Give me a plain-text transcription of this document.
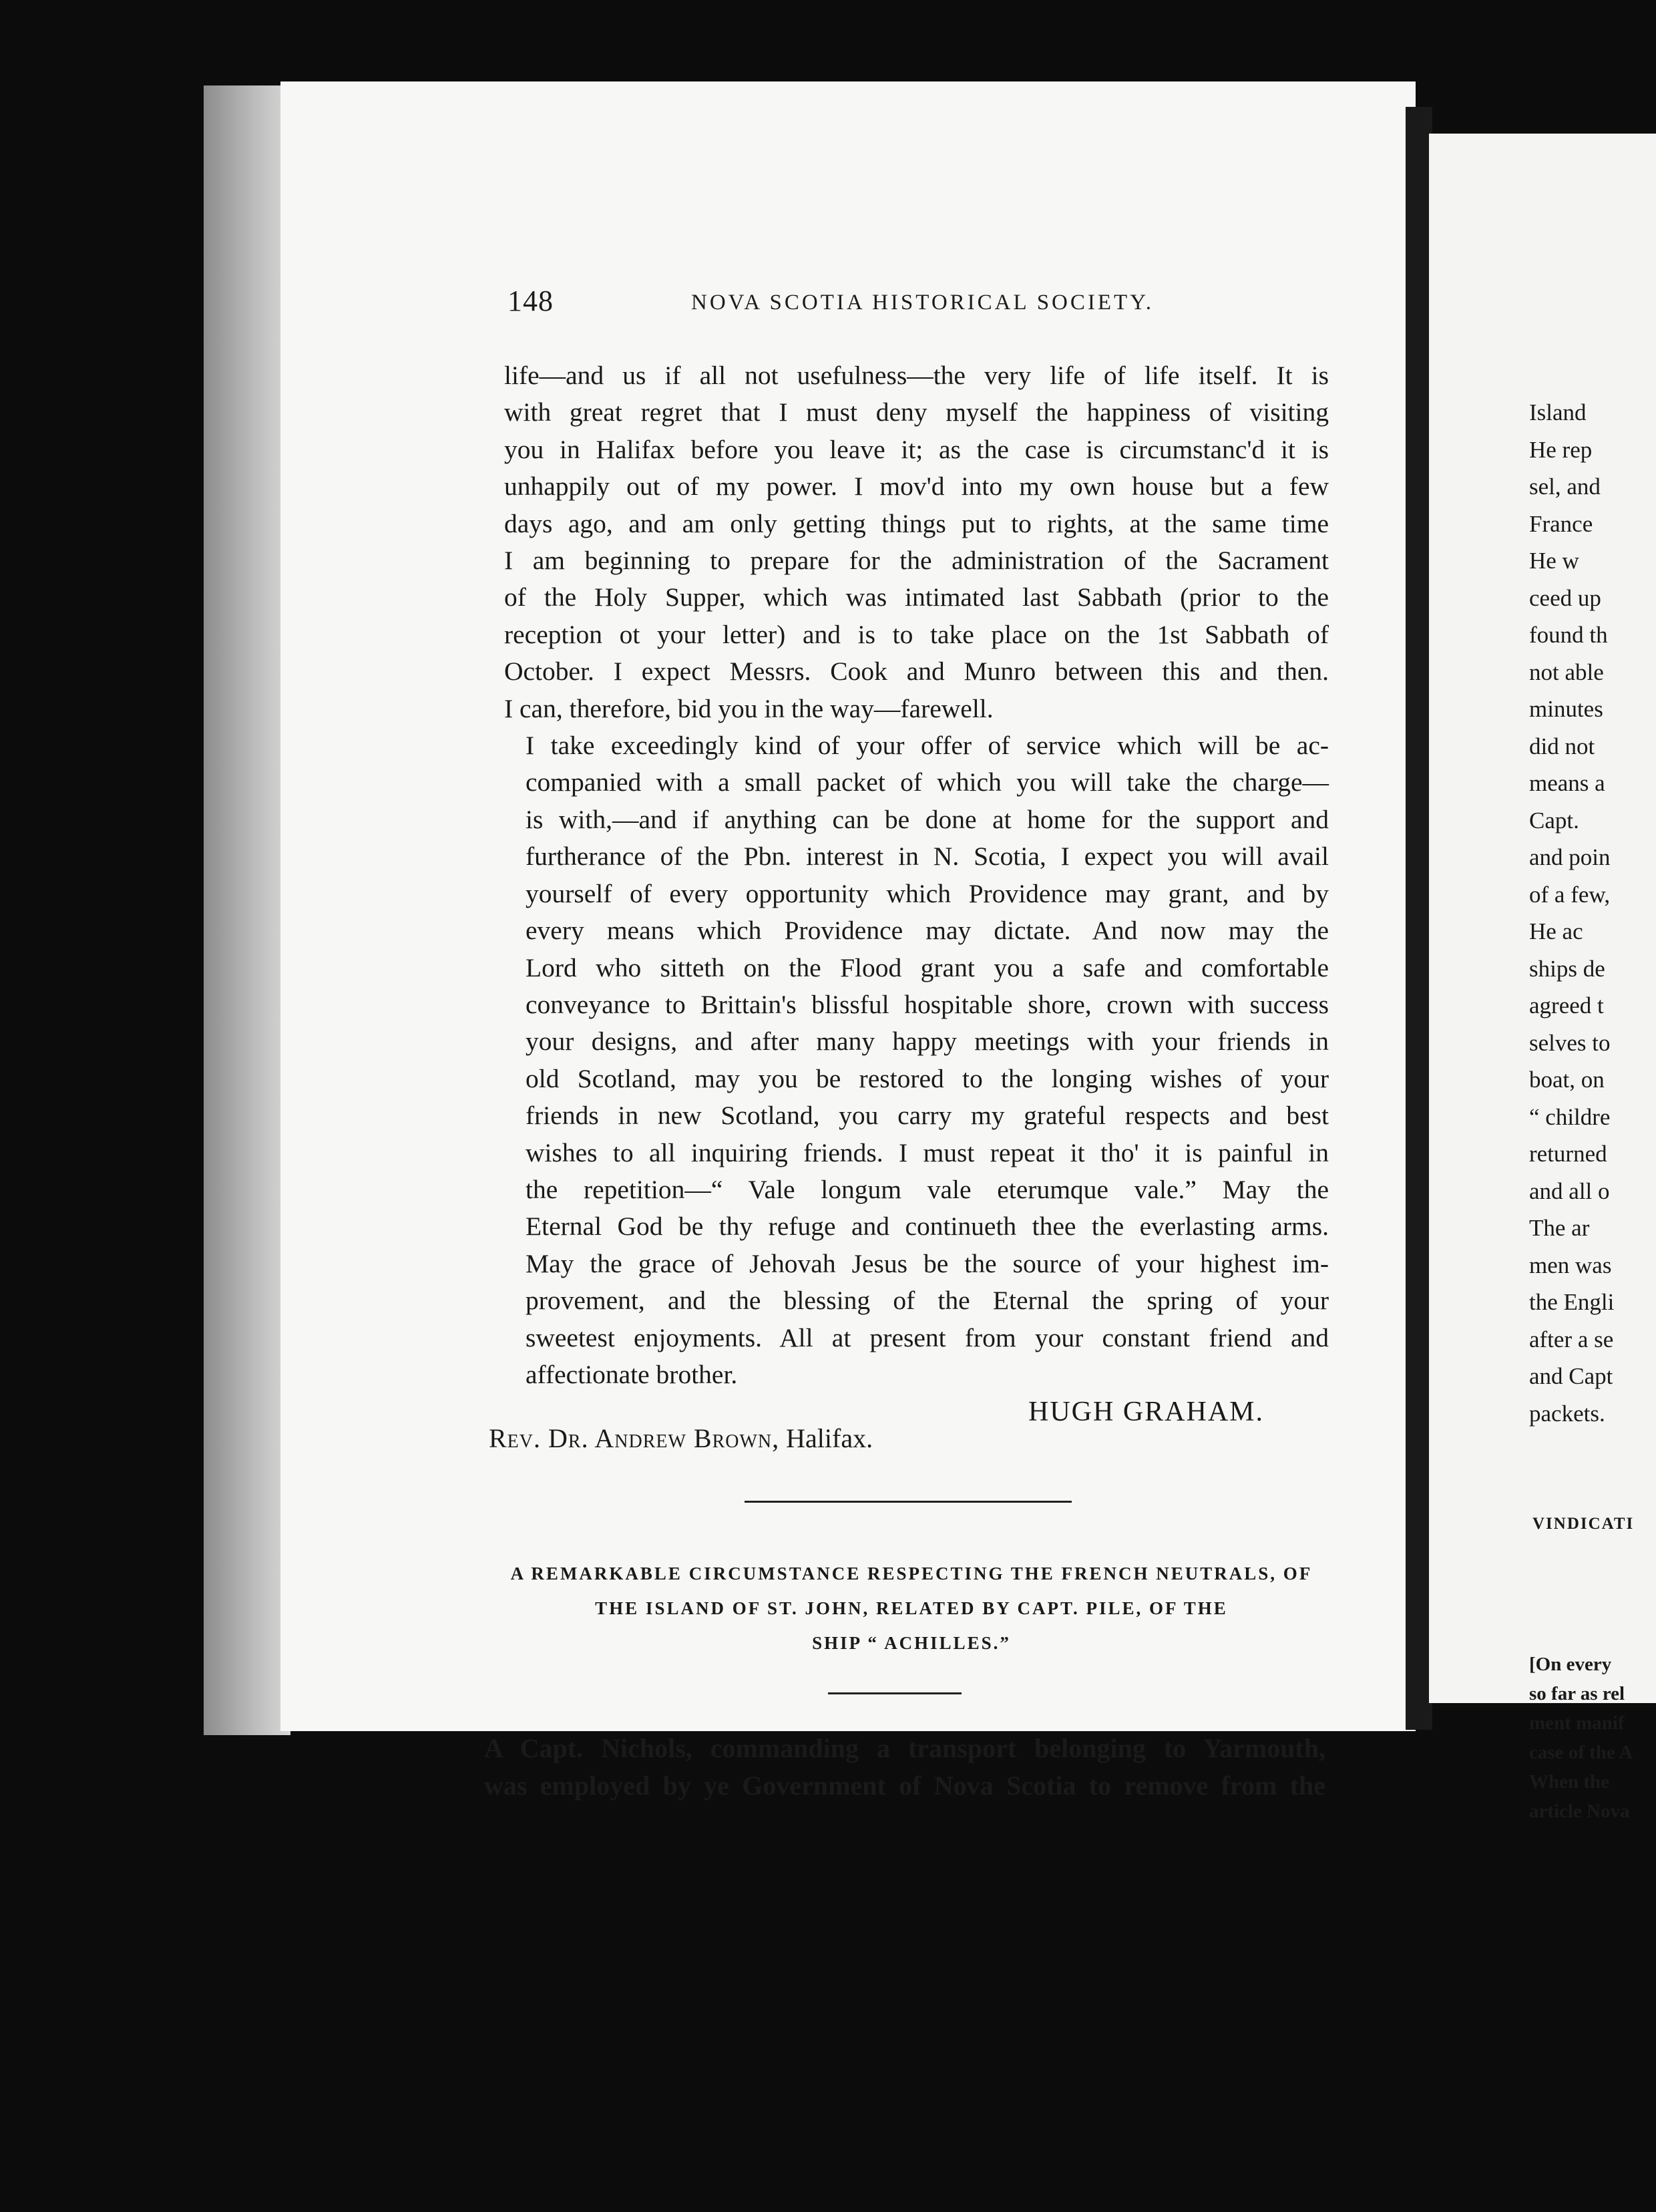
148	NOVA SCOTIA HISTORICAL SOCIETY.
life—and us if all not usefulness—the very life of life itself. It is
with great regret that I must deny myself the happiness of visiting
you in Halifax before you leave it; as the case is circumstanc'd it is
unhappily out of my power. I mov'd into my own house but a few
days ago, and am only getting things put to rights, at the same time
I am beginning to prepare for the administration of the Sacrament
of the Holy Supper, which was intimated last Sabbath (prior to the
reception ot your letter) and is to take place on the 1st Sabbath of
October. I expect Messrs. Cook and Munro between this and then.
I can, therefore, bid you in the way—farewell.
I take exceedingly kind of your offer of service which will be ac-
companied with a small packet of which you will take the charge—
is with,—and if anything can be done at home for the support and
furtherance of the Pbn. interest in N. Scotia, I expect you will avail
yourself of every opportunity which Providence may grant, and by
every means which Providence may dictate. And now may the
Lord who sitteth on the Flood grant you a safe and comfortable
conveyance to Brittain's blissful hospitable shore, crown with success
your designs, and after many happy meetings with your friends in
old Scotland, may you be restored to the longing wishes of your
friends in new Scotland, you carry my grateful respects and best
wishes to all inquiring friends. I must repeat it tho' it is painful in
the repetition—“ Vale longum vale eterumque vale.” May the
Eternal God be thy refuge and continueth thee the everlasting arms.
May the grace of Jehovah Jesus be the source of your highest im-
provement, and the blessing of the Eternal the spring of your
sweetest enjoyments. All at present from your constant friend and
affectionate brother.
HUGH GRAHAM.
Rev. Dr. Andrew Brown, Halifax.
A REMARKABLE CIRCUMSTANCE RESPECTING THE FRENCH NEUTRALS, OF
THE ISLAND OF ST. JOHN, RELATED BY CAPT. PILE, OF THE
SHIP “ ACHILLES.”
A Capt. Nichols, commanding a transport belonging to Yarmouth,
was employed by ye Government of Nova Scotia to remove from the
Island
He rep
sel, and
France
He w
ceed up
found th
not able
minutes
did not
means a
Capt.
and poin
of a few,
He ac
ships de
agreed t
selves to
boat, on
“ childre
returned
and all o
The ar
men was
the Engli
after a se
and Capt
packets.
VINDICATI
[On every
so far as rel
ment manif
case of the A
When the
article Nova
